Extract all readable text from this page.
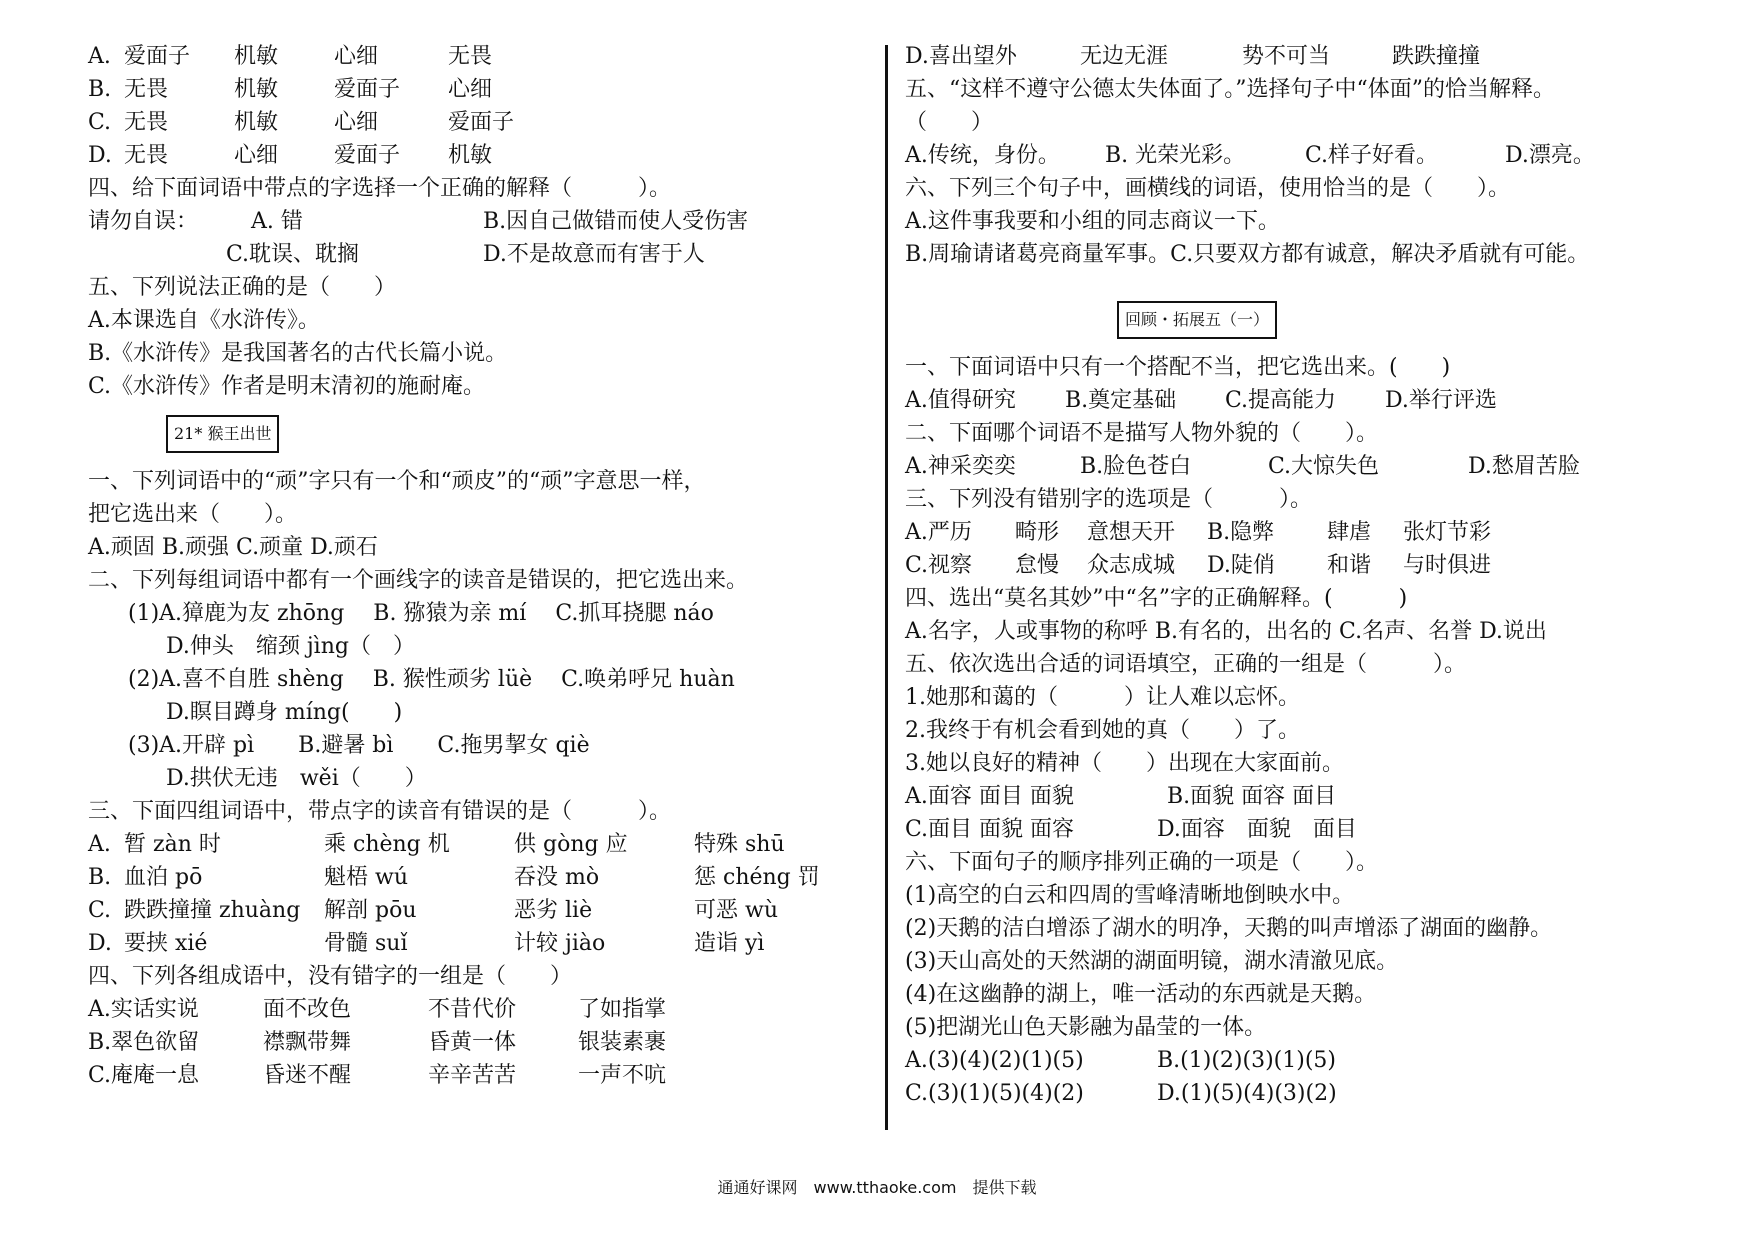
A. 爱面子 机敏	心细	无畏
B. 无畏	机敏	爱面子 心细
C. 无畏	机敏	心细	爱面子
D. 无畏	心细	爱面子 机敏
四、给下面词语中带点的字选择一个正确的解释（　　　）。
请勿自误： A. 错	B.因自己做错而使人受伤害
C.耽误、耽搁	D.不是故意而有害于人
五、下列说法正确的是（　　）
A.本课选自《水浒传》。
B.《水浒传》是我国著名的古代长篇小说。
C.《水浒传》作者是明末清初的施耐庵。
21* 猴王出世
一、下列词语中的“顽”字只有一个和“顽皮”的“顽”字意思一样，
把它选出来（　　）。
A.顽固 B.顽强 C.顽童 D.顽石
二、下列每组词语中都有一个画线字的读音是错误的，把它选出来。
(1)A.獐鹿为友 zhōng　 B. 猕猿为亲 mí　 C.抓耳挠腮 náo
D.伸头　缩颈 jìng（　）
(2)A.喜不自胜 shèng　 B. 猴性顽劣 lüè　 C.唤弟呼兄 huàn
D.瞑目蹲身 míng(　　)
(3)A.开辟 pì　　B.避暑 bì　　C.拖男挈女 qiè
D.拱伏无违　wěi（　　）
三、下面四组词语中，带点字的读音有错误的是（　　　）。
A. 暂 zàn 时	乘 chèng 机	供 gòng 应	特殊 shū
B. 血泊 pō	魁梧 wú	吞没 mò	惩 chéng 罚
C. 跌跌撞撞 zhuàng 解剖 pōu	恶劣 liè	可恶 wù
D. 要挟 xié	骨髓 suǐ	计较 jiào	造诣 yì
四、下列各组成语中，没有错字的一组是（　　）
A.实话实说	面不改色	不昔代价	了如指掌
B.翠色欲留	襟飘带舞	昏黄一体	银装素裹
C.庵庵一息	昏迷不醒	辛辛苦苦	一声不吭
D.喜出望外	无边无涯	势不可当	跌跌撞撞
五、“这样不遵守公德太失体面了。”选择句子中“体面”的恰当解释。
（　　）
A.传统，身份。 B. 光荣光彩。	C.样子好看。	D.漂亮。
六、下列三个句子中，画横线的词语，使用恰当的是（　　）。
A.这件事我要和小组的同志商议一下。
B.周瑜请诸葛亮商量军事。C.只要双方都有诚意，解决矛盾就有可能。
回顾・拓展五（一）
一、下面词语中只有一个搭配不当，把它选出来。(　　)
A.值得研究 B.奠定基础 C.提高能力 D.举行评选
二、下面哪个词语不是描写人物外貌的（　　）。
A.神采奕奕	B.脸色苍白	C.大惊失色	D.愁眉苦脸
三、下列没有错别字的选项是（　　　）。
A.严历 畸形 意想天开 B.隐弊 肆虐 张灯节彩
C.视察 怠慢 众志成城 D.陡俏 和谐 与时俱进
四、选出“莫名其妙”中“名”字的正确解释。(　　　)
A.名字，人或事物的称呼 B.有名的，出名的 C.名声、名誉 D.说出
五、依次选出合适的词语填空，正确的一组是（　　　）。
1.她那和蔼的（　　　）让人难以忘怀。
2.我终于有机会看到她的真（　　）了。
3.她以良好的精神（　　）出现在大家面前。
A.面容 面目 面貌	B.面貌 面容 面目
C.面目 面貌 面容	D.面容　面貌　面目
六、下面句子的顺序排列正确的一项是（　　）。
(1)高空的白云和四周的雪峰清晰地倒映水中。
(2)天鹅的洁白增添了湖水的明净，天鹅的叫声增添了湖面的幽静。
(3)天山高处的天然湖的湖面明镜，湖水清澈见底。
(4)在这幽静的湖上，唯一活动的东西就是天鹅。
(5)把湖光山色天影融为晶莹的一体。
A.(3)(4)(2)(1)(5)	B.(1)(2)(3)(1)(5)
C.(3)(1)(5)(4)(2)	D.(1)(5)(4)(3)(2)
通通好课网　www.tthaoke.com　提供下载
